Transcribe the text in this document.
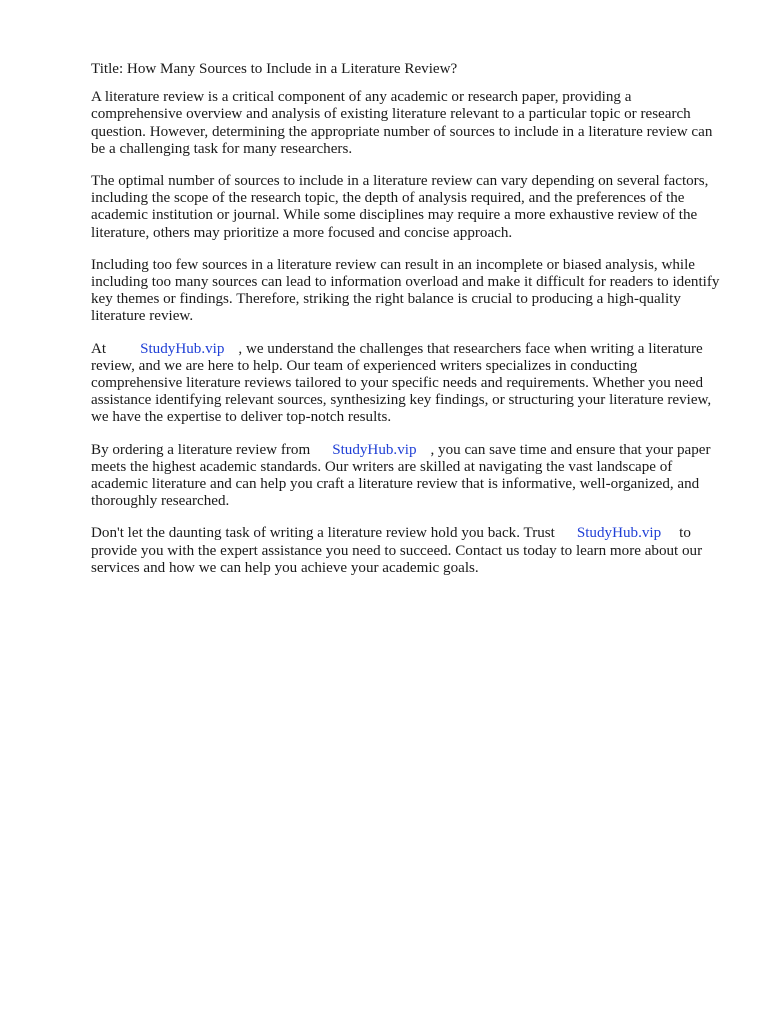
Title: How Many Sources to Include in a Literature Review?

A literature review is a critical component of any academic or research paper, providing a comprehensive overview and analysis of existing literature relevant to a particular topic or research question. However, determining the appropriate number of sources to include in a literature review can be a challenging task for many researchers.

The optimal number of sources to include in a literature review can vary depending on several factors, including the scope of the research topic, the depth of analysis required, and the preferences of the academic institution or journal. While some disciplines may require a more exhaustive review of the literature, others may prioritize a more focused and concise approach.

Including too few sources in a literature review can result in an incomplete or biased analysis, while including too many sources can lead to information overload and make it difficult for readers to identify key themes or findings. Therefore, striking the right balance is crucial to producing a high-quality literature review.

At StudyHub.vip , we understand the challenges that researchers face when writing a literature review, and we are here to help. Our team of experienced writers specializes in conducting comprehensive literature reviews tailored to your specific needs and requirements. Whether you need assistance identifying relevant sources, synthesizing key findings, or structuring your literature review, we have the expertise to deliver top-notch results.

By ordering a literature review from StudyHub.vip , you can save time and ensure that your paper meets the highest academic standards. Our writers are skilled at navigating the vast landscape of academic literature and can help you craft a literature review that is informative, well-organized, and thoroughly researched.

Don't let the daunting task of writing a literature review hold you back. Trust StudyHub.vip to provide you with the expert assistance you need to succeed. Contact us today to learn more about our services and how we can help you achieve your academic goals.
